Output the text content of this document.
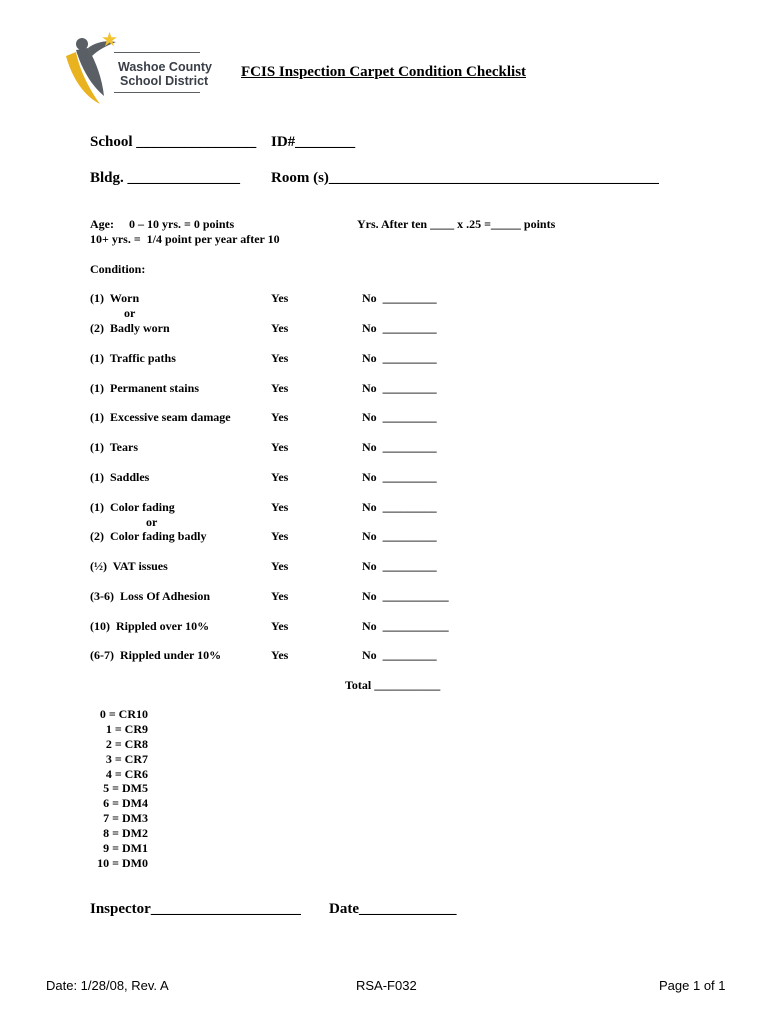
Washoe County
School District
FCIS Inspection Carpet Condition Checklist
School ________________ ID#________
Bldg. _______________ Room (s)____________________________________________
Age:     0 – 10 yrs. = 0 points
10+ yrs. =  1/4 point per year after 10
Yrs. After ten ____ x .25 =_____ points
Condition:
(1)  Worn	Yes	No  _________
or
(2)  Badly worn	Yes	No  _________
(1)  Traffic paths	Yes	No  _________
(1)  Permanent stains	Yes	No  _________
(1)  Excessive seam damage	Yes	No  _________
(1)  Tears	Yes	No  _________
(1)  Saddles	Yes	No  _________
(1)  Color fading	Yes	No  _________
or
(2)  Color fading badly	Yes	No  _________
(½)  VAT issues	Yes	No  _________
(3-6)  Loss Of Adhesion	Yes	No  ___________
(10)  Rippled over 10%	Yes	No  ___________
(6-7)  Rippled under 10%	Yes	No  _________
Total ___________
0 = CR10
1 = CR9
2 = CR8
3 = CR7
4 = CR6
5 = DM5
6 = DM4
7 = DM3
8 = DM2
9 = DM1
10 = DM0
Inspector____________________ Date_____________
Date: 1/28/08, Rev. A	RSA-F032	Page 1 of 1
